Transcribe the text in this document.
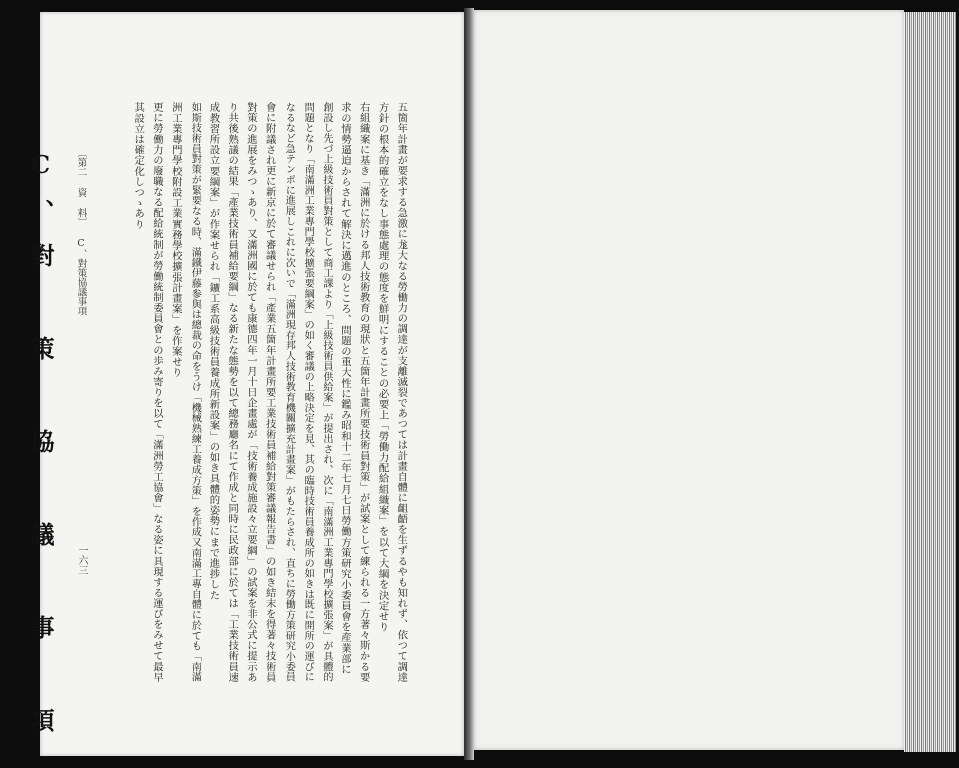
C、對 策 協 議 事 項	五箇年計畫が要求する急激に尨大なる勞働力の調達が支離滅裂であつては計畫自體に齟齬を生ずるやも知れず、依つて調達
方針の根本的確立をなし事態處理の態度を鮮明にすることの必要上「勞働力配給組織案」を以て大綱を決定せり
右組織案に基き「滿洲に於ける邦人技術教育の現狀と五箇年計畫所要技術員對策」が試案として練られる一方著々斯かる要
求の情勢逼迫からされて解決に邁進のところ、問題の重大性に鑑み昭和十二年七月七日勞働方策研究小委員會を産業部に
創設し先づ上級技術員對策として商工課より「上級技術員供給案」が提出され、次に「南滿洲工業專門學校擴張案」が具體的
問題となり「南滿洲工業專門學校擴張要綱案」の如く審議の上略決定を見、其の臨時技術員養成所の如きは既に開所の運びに
なるなど急テンポに進展しこれに次いで「滿洲現存邦人技術教育機關擴充計畫案」がもたらされ、直ちに勞働方策研究小委員
會に附議され更に新京に於て審議せられ「產業五箇年計畫所要工業技術員補給對策審議報告書」の如き結末を得著々技術員
對策の進展をみつゝあり、又滿洲國に於ても康德四年一月十日企畫處が「技術養成施設々立要綱」の試案を非公式に提示あ
り共後熟議の結果「產業技術員補給要綱」なる新たな態勢を以て總務廳名にて作成と同時に民政部に於ては「工業技術員速
成教習所設立要綱案」が作案せられ「鑛工系高級技術員養成所新設案」の如き具體的姿勢にまで進捗した
如斯技術員對策が緊要なる時、滿鐵伊藤参與は總裁の命をうけ「機械熟練工養成方策」を作成又南滿工專自體に於ても「南滿
洲工業專門學校附設工業實務學校擴張計畫案」を作案せり
更に勞働力の廢職なる配給統制が勞働統制委員會との歩み寄りを以て「滿洲勞工協會」なる姿に具現する運びをみせて最早
其設立は確定化しつゝあり
〔第二 資 料〕 C、對策協議事項
一六三
